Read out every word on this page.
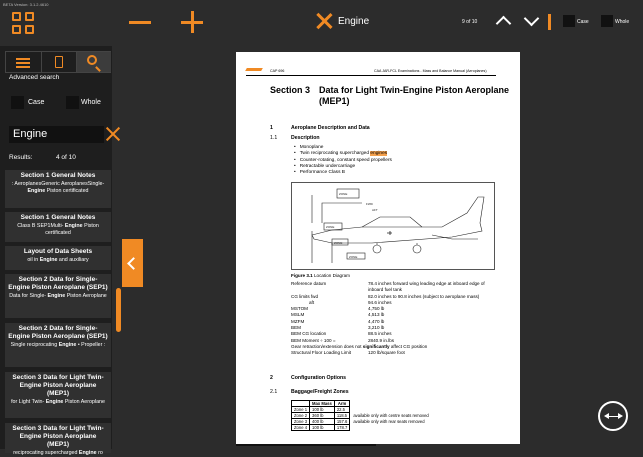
BETA Version: 3.1.2.4610
Engine	9 of 10	Case	Whole
Advanced search
Case	Whole
Engine
Results:	4 of 10
Section 1 General Notes
: AeroplanesGeneric AeroplanesSingle- Engine Piston certificated
Section 1 General Notes
Class B SEP1Multi- Engine Piston certificated
Layout of Data Sheets
oil in Engine and auxiliary
Section 2 Data for Single-Engine Piston Aeroplane (SEP1)
Data for Single- Engine Piston Aeroplane
Section 2 Data for Single-Engine Piston Aeroplane (SEP1)
Single reciprocating Engine • Propeller :
Section 3 Data for Light Twin-Engine Piston Aeroplane (MEP1)
for Light Twin- Engine Piston Aeroplane
Section 3 Data for Light Twin-Engine Piston Aeroplane (MEP1)
reciprocating supercharged Engine ro
CAP 696	CAA JAR-FCL Examinations - Mass and Balance Manual (Aeroplanes)
Section 3 Data for Light Twin-Engine Piston Aeroplane (MEP1)
1	Aeroplane Description and Data
1.1	Description
• Monoplane
• Twin reciprocating supercharged engines
• Counter-rotating, constant speed propellers
• Retractable undercarriage
• Performance Class B
ZONE
ZONE
ZONE
ZONE
FWD
AFT
Figure 3.1 Location Diagram
Reference datum	78.4 inches forward wing leading edge at inboard edge of inboard fuel tank
CG limits fwd	82.0 inches to 90.8 inches (subject to aeroplane mass)
aft	94.6 inches
MSTOM	4,750 lb
MSLM	4,513 lb
MZFM	4,470 lb
BEM	3,210 lb
BEM CG location	88.5 inches
BEM Moment ÷ 100 =	2840.9 in.lbs
Gear retraction/extension does not significantly affect CG position	
Structural Floor Loading Limit	120 lb/square foot
2	Configuration Options
2.1	Baggage/Freight Zones
	Max Mass	Arm	
Zone 1	100 lb	22.5	
Zone 2	360 lb	118.5	available only with centre seats removed
Zone 3	400 lb	157.6	available only with rear seats removed
Zone 4	100 lb	178.7	
